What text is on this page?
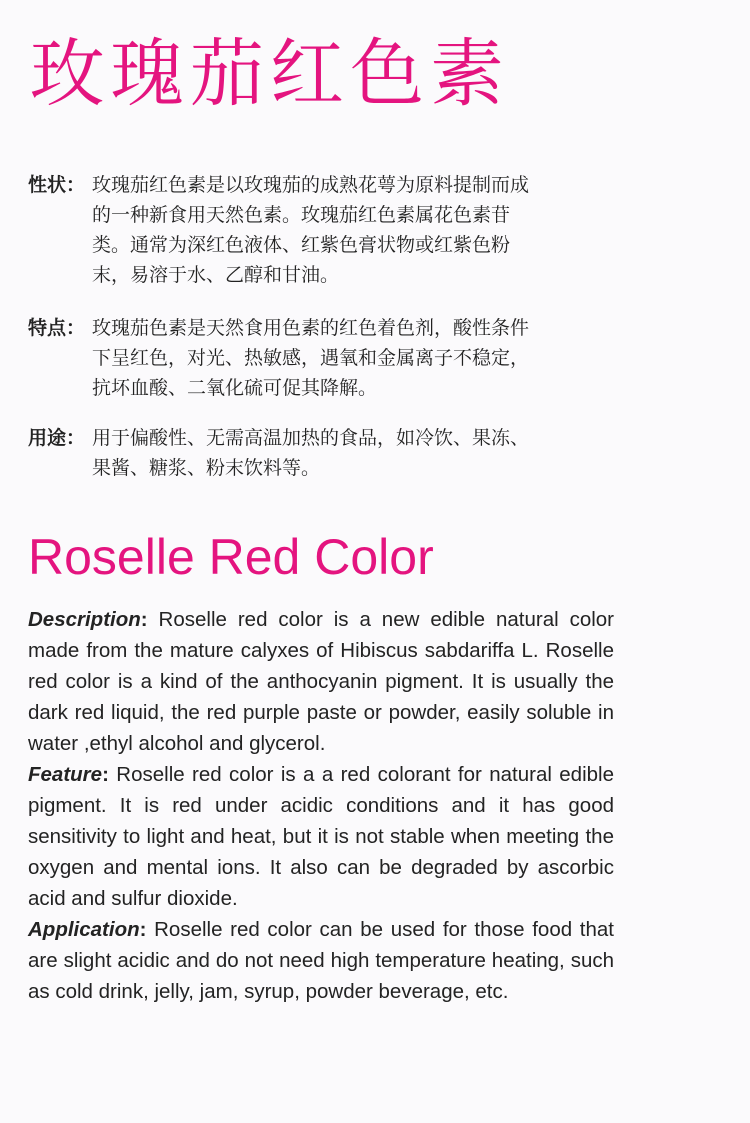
玫瑰茄红色素
性状： 玫瑰茄红色素是以玫瑰茄的成熟花萼为原料提制而成
的一种新食用天然色素。玫瑰茄红色素属花色素苷
类。通常为深红色液体、红紫色膏状物或红紫色粉
末，易溶于水、乙醇和甘油。
特点： 玫瑰茄色素是天然食用色素的红色着色剂，酸性条件
下呈红色，对光、热敏感，遇氧和金属离子不稳定，
抗坏血酸、二氧化硫可促其降解。
用途： 用于偏酸性、无需高温加热的食品，如冷饮、果冻、
果酱、糖浆、粉末饮料等。
Roselle Red Color

Description: Roselle red color is a new edible natural color made from the mature calyxes of Hibiscus sabdariffa L. Roselle red color is a kind of the anthocyanin pigment. It is usually the dark red liquid, the red purple paste or powder, easily soluble in water ,ethyl alcohol and glycerol.

Feature: Roselle red color is a a red colorant for natural edible pigment. It is red under acidic conditions and it has good sensitivity to light and heat, but it is not stable when meeting the oxygen and mental ions. It also can be degraded by ascorbic acid and sulfur dioxide.

Application: Roselle red color can be used for those food that are slight acidic and do not need high temperature heating, such as cold drink, jelly, jam, syrup, powder beverage, etc.
